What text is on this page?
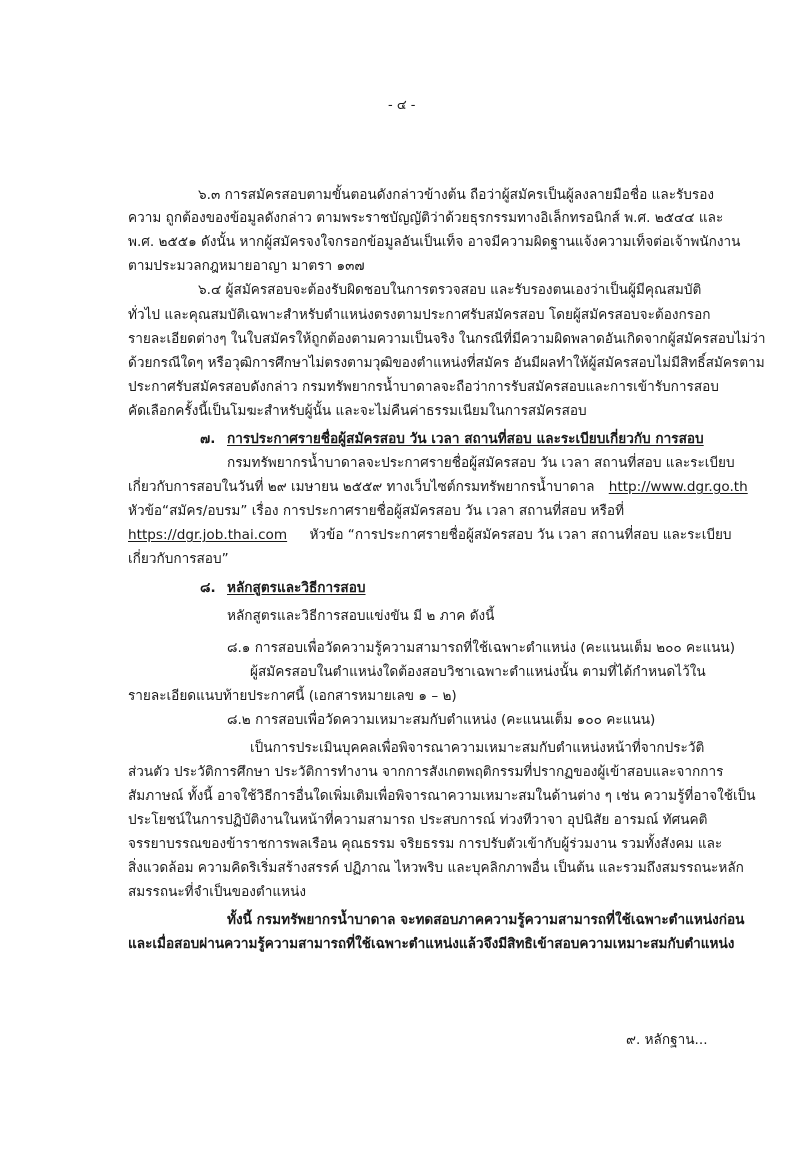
- ๔ -
๖.๓ การสมัครสอบตามขั้นตอนดังกล่าวข้างต้น ถือว่าผู้สมัครเป็นผู้ลงลายมือชื่อ และรับรอง
ความ ถูกต้องของข้อมูลดังกล่าว ตามพระราชบัญญัติว่าด้วยธุรกรรมทางอิเล็กทรอนิกส์ พ.ศ. ๒๕๔๔ และ
พ.ศ. ๒๕๕๑ ดังนั้น หากผู้สมัครจงใจกรอกข้อมูลอันเป็นเท็จ อาจมีความผิดฐานแจ้งความเท็จต่อเจ้าพนักงาน
ตามประมวลกฎหมายอาญา มาตรา ๑๓๗
๖.๔ ผู้สมัครสอบจะต้องรับผิดชอบในการตรวจสอบ และรับรองตนเองว่าเป็นผู้มีคุณสมบัติ
ทั่วไป และคุณสมบัติเฉพาะสำหรับตำแหน่งตรงตามประกาศรับสมัครสอบ โดยผู้สมัครสอบจะต้องกรอก
รายละเอียดต่างๆ ในใบสมัครให้ถูกต้องตามความเป็นจริง ในกรณีที่มีความผิดพลาดอันเกิดจากผู้สมัครสอบไม่ว่า
ด้วยกรณีใดๆ หรือวุฒิการศึกษาไม่ตรงตามวุฒิของตำแหน่งที่สมัคร อันมีผลทำให้ผู้สมัครสอบไม่มีสิทธิ์สมัครตาม
ประกาศรับสมัครสอบดังกล่าว กรมทรัพยากรน้ำบาดาลจะถือว่าการรับสมัครสอบและการเข้ารับการสอบ
คัดเลือกครั้งนี้เป็นโมฆะสำหรับผู้นั้น และจะไม่คืนค่าธรรมเนียมในการสมัครสอบ
๗. การประกาศรายชื่อผู้สมัครสอบ วัน เวลา สถานที่สอบ และระเบียบเกี่ยวกับ การสอบ
กรมทรัพยากรน้ำบาดาลจะประกาศรายชื่อผู้สมัครสอบ วัน เวลา สถานที่สอบ และระเบียบ
เกี่ยวกับการสอบในวันที่ ๒๙ เมษายน ๒๕๕๙ ทางเว็บไซต์กรมทรัพยากรน้ำบาดาล http://www.dgr.go.th
หัวข้อ“สมัคร/อบรม” เรื่อง การประกาศรายชื่อผู้สมัครสอบ วัน เวลา สถานที่สอบ หรือที่
https://dgr.job.thai.com หัวข้อ “การประกาศรายชื่อผู้สมัครสอบ วัน เวลา สถานที่สอบ และระเบียบ
เกี่ยวกับการสอบ”
๘. หลักสูตรและวิธีการสอบ
หลักสูตรและวิธีการสอบแข่งขัน มี ๒ ภาค ดังนี้
๘.๑ การสอบเพื่อวัดความรู้ความสามารถที่ใช้เฉพาะตำแหน่ง (คะแนนเต็ม ๒๐๐ คะแนน)
ผู้สมัครสอบในตำแหน่งใดต้องสอบวิชาเฉพาะตำแหน่งนั้น ตามที่ได้กำหนดไว้ใน
รายละเอียดแนบท้ายประกาศนี้ (เอกสารหมายเลข ๑ – ๒)
๘.๒ การสอบเพื่อวัดความเหมาะสมกับตำแหน่ง (คะแนนเต็ม ๑๐๐ คะแนน)
เป็นการประเมินบุคคลเพื่อพิจารณาความเหมาะสมกับตำแหน่งหน้าที่จากประวัติ
ส่วนตัว ประวัติการศึกษา ประวัติการทำงาน จากการสังเกตพฤติกรรมที่ปรากฏของผู้เข้าสอบและจากการ
สัมภาษณ์ ทั้งนี้ อาจใช้วิธีการอื่นใดเพิ่มเติมเพื่อพิจารณาความเหมาะสมในด้านต่าง ๆ เช่น ความรู้ที่อาจใช้เป็น
ประโยชน์ในการปฏิบัติงานในหน้าที่ความสามารถ ประสบการณ์ ท่วงทีวาจา อุปนิสัย อารมณ์ ทัศนคติ
จรรยาบรรณของข้าราชการพลเรือน คุณธรรม จริยธรรม การปรับตัวเข้ากับผู้ร่วมงาน รวมทั้งสังคม และ
สิ่งแวดล้อม ความคิดริเริ่มสร้างสรรค์ ปฏิภาณ ไหวพริบ และบุคลิกภาพอื่น เป็นต้น และรวมถึงสมรรถนะหลัก
สมรรถนะที่จำเป็นของตำแหน่ง
ทั้งนี้ กรมทรัพยากรน้ำบาดาล จะทดสอบภาคความรู้ความสามารถที่ใช้เฉพาะตำแหน่งก่อน
และเมื่อสอบผ่านความรู้ความสามารถที่ใช้เฉพาะตำแหน่งแล้วจึงมีสิทธิเข้าสอบความเหมาะสมกับตำแหน่ง
๙. หลักฐาน...
